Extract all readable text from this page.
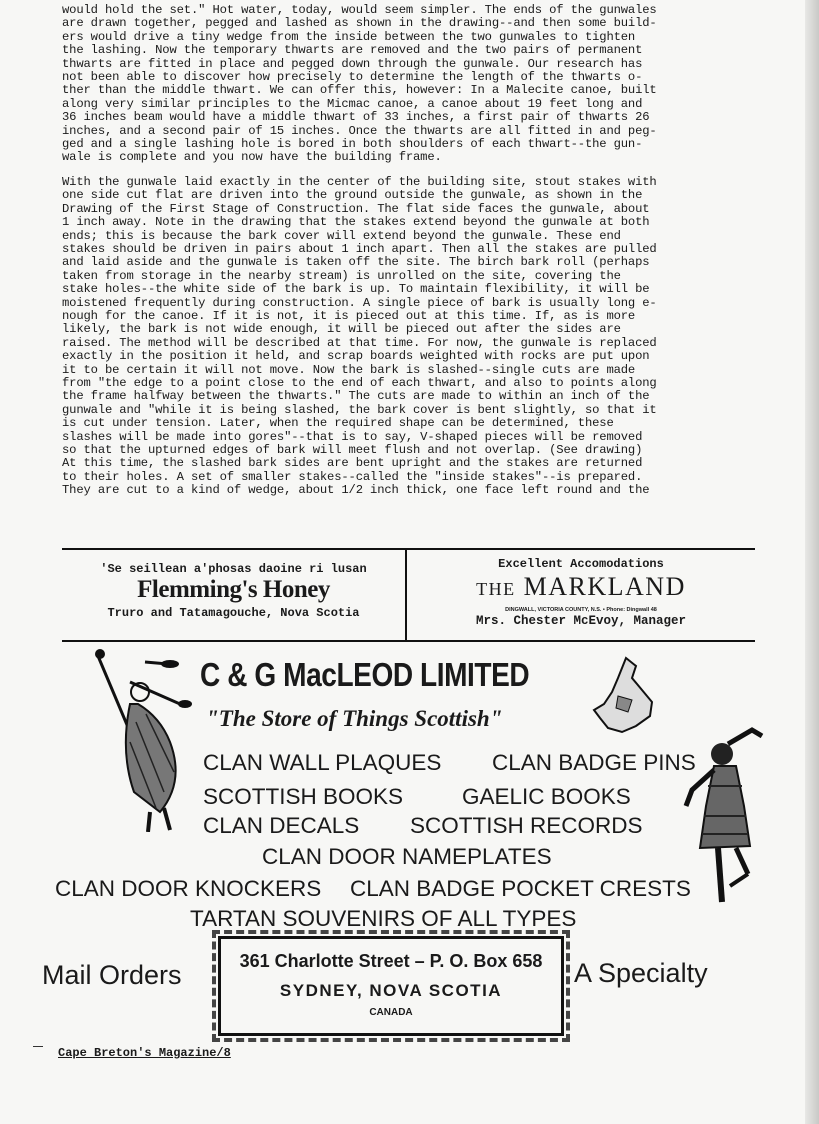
would hold the set." Hot water, today, would seem simpler. The ends of the gunwales
are drawn together, pegged and lashed as shown in the drawing--and then some build-
ers would drive a tiny wedge from the inside between the two gunwales to tighten
the lashing. Now the temporary thwarts are removed and the two pairs of permanent
thwarts are fitted in place and pegged down through the gunwale. Our research has
not been able to discover how precisely to determine the length of the thwarts o-
ther than the middle thwart. We can offer this, however: In a Malecite canoe, built
along very similar principles to the Micmac canoe, a canoe about 19 feet long and
36 inches beam would have a middle thwart of 33 inches, a first pair of thwarts 26
inches, and a second pair of 15 inches. Once the thwarts are all fitted in and peg-
ged and a single lashing hole is bored in both shoulders of each thwart--the gun-
wale is complete and you now have the building frame.

With the gunwale laid exactly in the center of the building site, stout stakes with
one side cut flat are driven into the ground outside the gunwale, as shown in the
Drawing of the First Stage of Construction. The flat side faces the gunwale, about
1 inch away. Note in the drawing that the stakes extend beyond the gunwale at both
ends; this is because the bark cover will extend beyond the gunwale. These end
stakes should be driven in pairs about 1 inch apart. Then all the stakes are pulled
and laid aside and the gunwale is taken off the site. The birch bark roll (perhaps
taken from storage in the nearby stream) is unrolled on the site, covering the
stake holes--the white side of the bark is up. To maintain flexibility, it will be
moistened frequently during construction. A single piece of bark is usually long e-
nough for the canoe. If it is not, it is pieced out at this time. If, as is more
likely, the bark is not wide enough, it will be pieced out after the sides are
raised. The method will be described at that time. For now, the gunwale is replaced
exactly in the position it held, and scrap boards weighted with rocks are put upon
it to be certain it will not move. Now the bark is slashed--single cuts are made
from "the edge to a point close to the end of each thwart, and also to points along
the frame halfway between the thwarts." The cuts are made to within an inch of the
gunwale and "while it is being slashed, the bark cover is bent slightly, so that it
is cut under tension. Later, when the required shape can be determined, these
slashes will be made into gores"--that is to say, V-shaped pieces will be removed
so that the upturned edges of bark will meet flush and not overlap. (See drawing)
At this time, the slashed bark sides are bent upright and the stakes are returned
to their holes. A set of smaller stakes--called the "inside stakes"--is prepared.
They are cut to a kind of wedge, about 1/2 inch thick, one face left round and the

'Se seillean a'phosas daoine ri lusan
Flemming's Honey
Truro and Tatamagouche, Nova Scotia
Excellent Accomodations
the MARKLAND
DINGWALL, VICTORIA COUNTY, N.S. • Phone: Dingwall 48
Mrs. Chester McEvoy, Manager
C & G MacLEOD LIMITED
"The Store of Things Scottish"
CLAN WALL PLAQUES CLAN BADGE PINS
SCOTTISH BOOKS	GAELIC BOOKS
CLAN DECALS SCOTTISH RECORDS
CLAN DOOR NAMEPLATES
CLAN DOOR KNOCKERS CLAN BADGE POCKET CRESTS
TARTAN SOUVENIRS OF ALL TYPES
Mail Orders	361 Charlotte Street – P. O. Box 658
SYDNEY, NOVA SCOTIA
CANADA
A Specialty
Cape Breton's Magazine/8
